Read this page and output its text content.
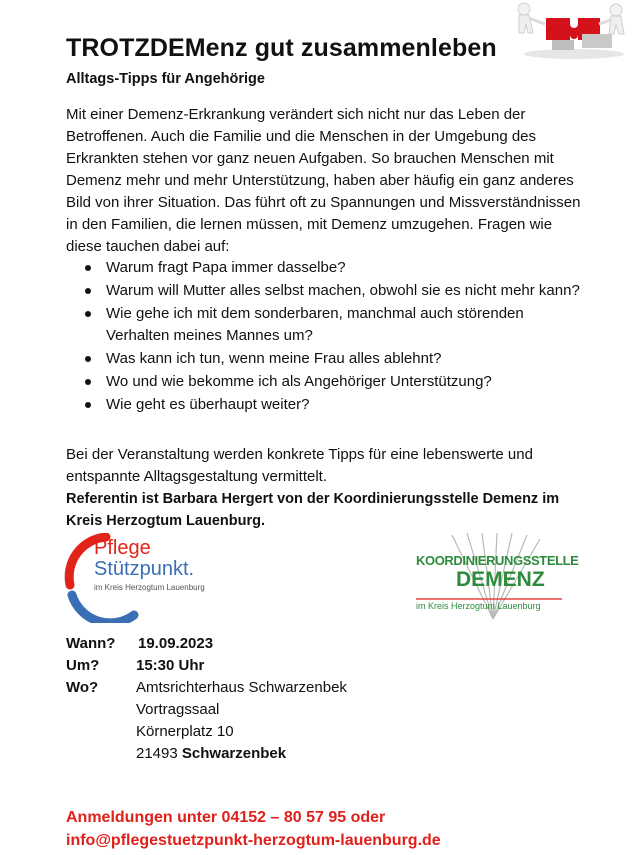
TROTZDEMenz gut zusammenleben
Alltags-Tipps für Angehörige
Mit einer Demenz-Erkrankung verändert sich nicht nur das Leben der Betroffenen. Auch die Familie und die Menschen in der Umgebung des Erkrankten stehen vor ganz neuen Aufgaben. So brauchen Menschen mit Demenz mehr und mehr Unterstützung, haben aber häufig ein ganz anderes Bild von ihrer Situation. Das führt oft zu Spannungen und Missverständnissen in den Familien, die lernen müssen, mit Demenz umzugehen. Fragen wie diese tauchen dabei auf:
Warum fragt Papa immer dasselbe?
Warum will Mutter alles selbst machen, obwohl sie es nicht mehr kann?
Wie gehe ich mit dem sonderbaren, manchmal auch störenden Verhalten meines Mannes um?
Was kann ich tun, wenn meine Frau alles ablehnt?
Wo und wie bekomme ich als Angehöriger Unterstützung?
Wie geht es überhaupt weiter?
Bei der Veranstaltung werden konkrete Tipps für eine lebenswerte und entspannte Alltagsgestaltung vermittelt.
Referentin ist Barbara Hergert von der Koordinierungsstelle Demenz im Kreis Herzogtum Lauenburg.
Pflege
Stützpunkt.
im Kreis Herzogtum Lauenburg
KOORDINIERUNGSSTELLE
DEMENZ
im Kreis Herzogtum Lauenburg
Wann? 19.09.2023
Um? 15:30 Uhr
Wo?	Amtsrichterhaus Schwarzenbek
Vortragssaal
Körnerplatz 10
21493 Schwarzenbek
Anmeldungen unter 04152 – 80 57 95 oder
info@pflegestuetzpunkt-herzogtum-lauenburg.de
